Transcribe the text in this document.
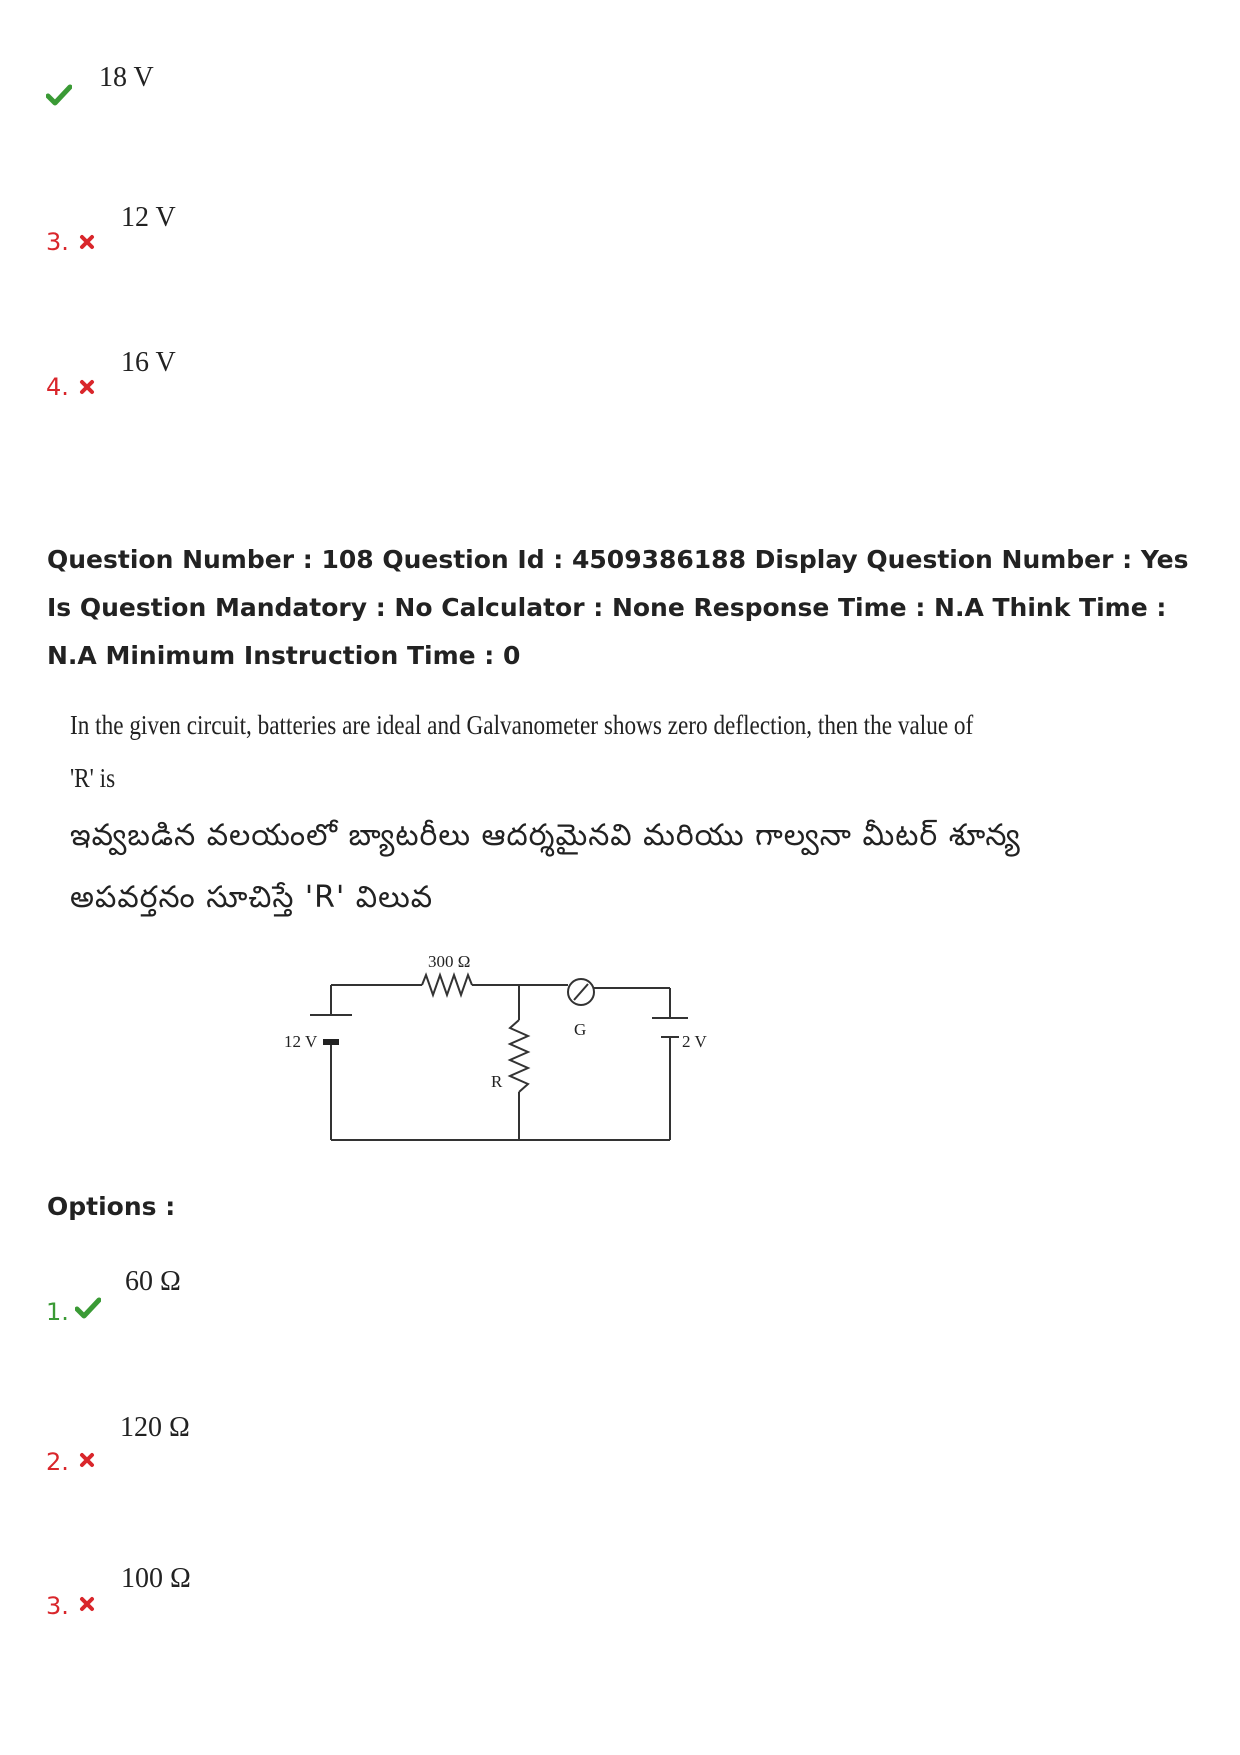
18 V
3.
12 V
4.
16 V
Question Number : 108 Question Id : 4509386188 Display Question Number : Yes Is Question Mandatory : No Calculator : None Response Time : N.A Think Time : N.A Minimum Instruction Time : 0
In the given circuit, batteries are ideal and Galvanometer shows zero deflection, then the value of
'R' is
ఇవ్వబడిన వలయంలో బ్యాటరీలు ఆదర్శమైనవి మరియు గాల్వనా మీటర్ శూన్య
అపవర్తనం సూచిస్తే 'R' విలువ
300 Ω
G
12 V	2 V
R
Options :
1.
60 Ω
2.
120 Ω
3.
100 Ω
